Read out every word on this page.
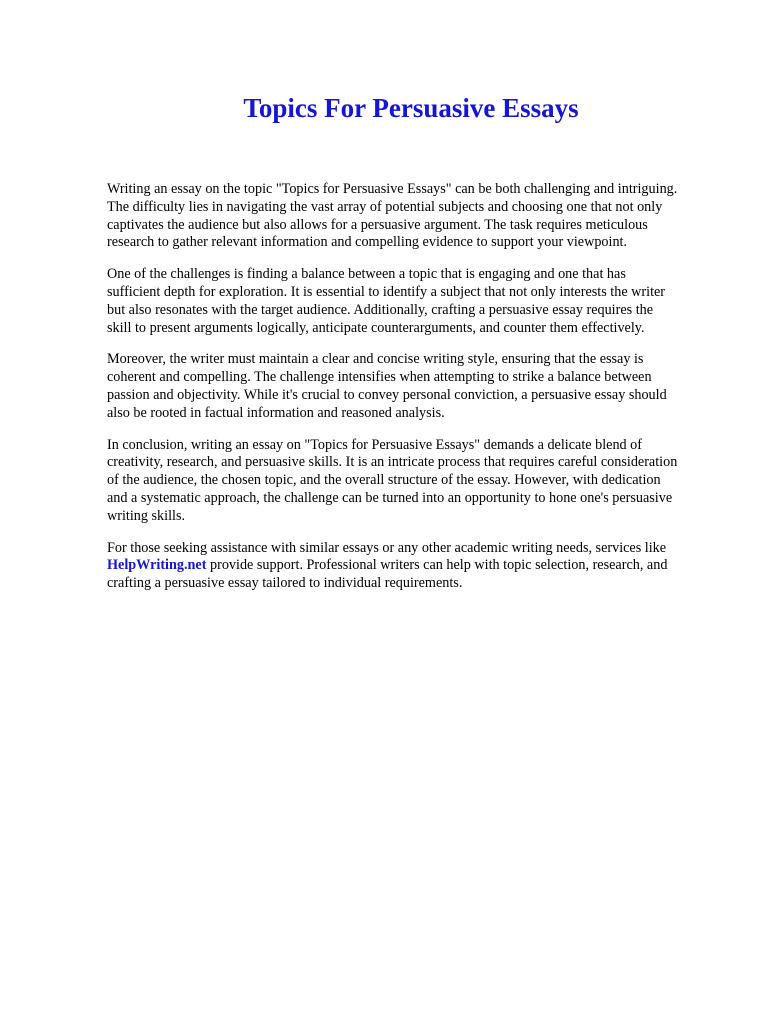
Topics For Persuasive Essays

Writing an essay on the topic "Topics for Persuasive Essays" can be both challenging and intriguing.
The difficulty lies in navigating the vast array of potential subjects and choosing one that not only
captivates the audience but also allows for a persuasive argument. The task requires meticulous
research to gather relevant information and compelling evidence to support your viewpoint.

One of the challenges is finding a balance between a topic that is engaging and one that has
sufficient depth for exploration. It is essential to identify a subject that not only interests the writer
but also resonates with the target audience. Additionally, crafting a persuasive essay requires the
skill to present arguments logically, anticipate counterarguments, and counter them effectively.

Moreover, the writer must maintain a clear and concise writing style, ensuring that the essay is
coherent and compelling. The challenge intensifies when attempting to strike a balance between
passion and objectivity. While it's crucial to convey personal conviction, a persuasive essay should
also be rooted in factual information and reasoned analysis.

In conclusion, writing an essay on "Topics for Persuasive Essays" demands a delicate blend of
creativity, research, and persuasive skills. It is an intricate process that requires careful consideration
of the audience, the chosen topic, and the overall structure of the essay. However, with dedication
and a systematic approach, the challenge can be turned into an opportunity to hone one's persuasive
writing skills.

For those seeking assistance with similar essays or any other academic writing needs, services like
HelpWriting.net provide support. Professional writers can help with topic selection, research, and
crafting a persuasive essay tailored to individual requirements.
